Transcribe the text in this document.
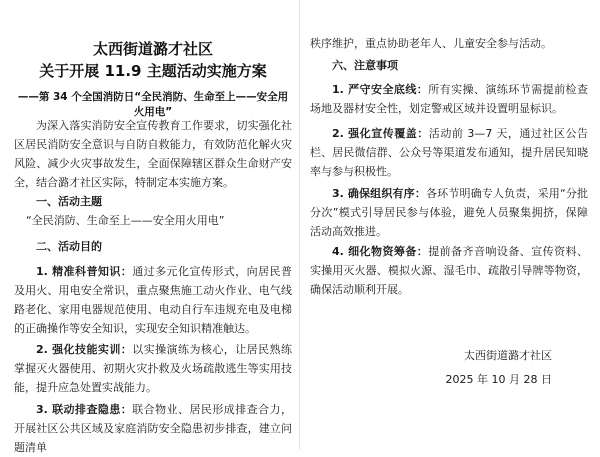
太西街道潞才社区
关于开展 11.9 主题活动实施方案
——第 34 个全国消防日“全民消防、生命至上——安全用火用电”

为深入落实消防安全宣传教育工作要求，切实强化社区居民消防安全意识与自防自救能力，有效防范化解火灾风险、减少火灾事故发生，全面保障辖区群众生命财产安全，结合潞才社区实际，特制定本实施方案。

一、活动主题

“全民消防、生命至上——安全用火用电”

二、活动目的

1. 精准科普知识：通过多元化宣传形式，向居民普及用火、用电安全常识，重点聚焦施工动火作业、电气线路老化、家用电器规范使用、电动自行车违规充电及电梯的正确操作等安全知识，实现安全知识精准触达。

2. 强化技能实训：以实操演练为核心，让居民熟练掌握灭火器使用、初期火灾扑救及火场疏散逃生等实用技能，提升应急处置实战能力。

3. 联动排查隐患：联合物业、居民形成排查合力，开展社区公共区域及家庭消防安全隐患初步排查，建立问题清单

秩序维护，重点协助老年人、儿童安全参与活动。

六、注意事项

1. 严守安全底线：所有实操、演练环节需提前检查场地及器材安全性，划定警戒区域并设置明显标识。

2. 强化宣传覆盖：活动前 3—7 天，通过社区公告栏、居民微信群、公众号等渠道发布通知，提升居民知晓率与参与积极性。

3. 确保组织有序：各环节明确专人负责，采用“分批分次”模式引导居民参与体验，避免人员聚集拥挤，保障活动高效推进。

4. 细化物资筹备：提前备齐音响设备、宣传资料、实操用灭火器、模拟火源、湿毛巾、疏散引导牌等物资，确保活动顺利开展。

太西街道潞才社区
2025 年 10 月 28 日
